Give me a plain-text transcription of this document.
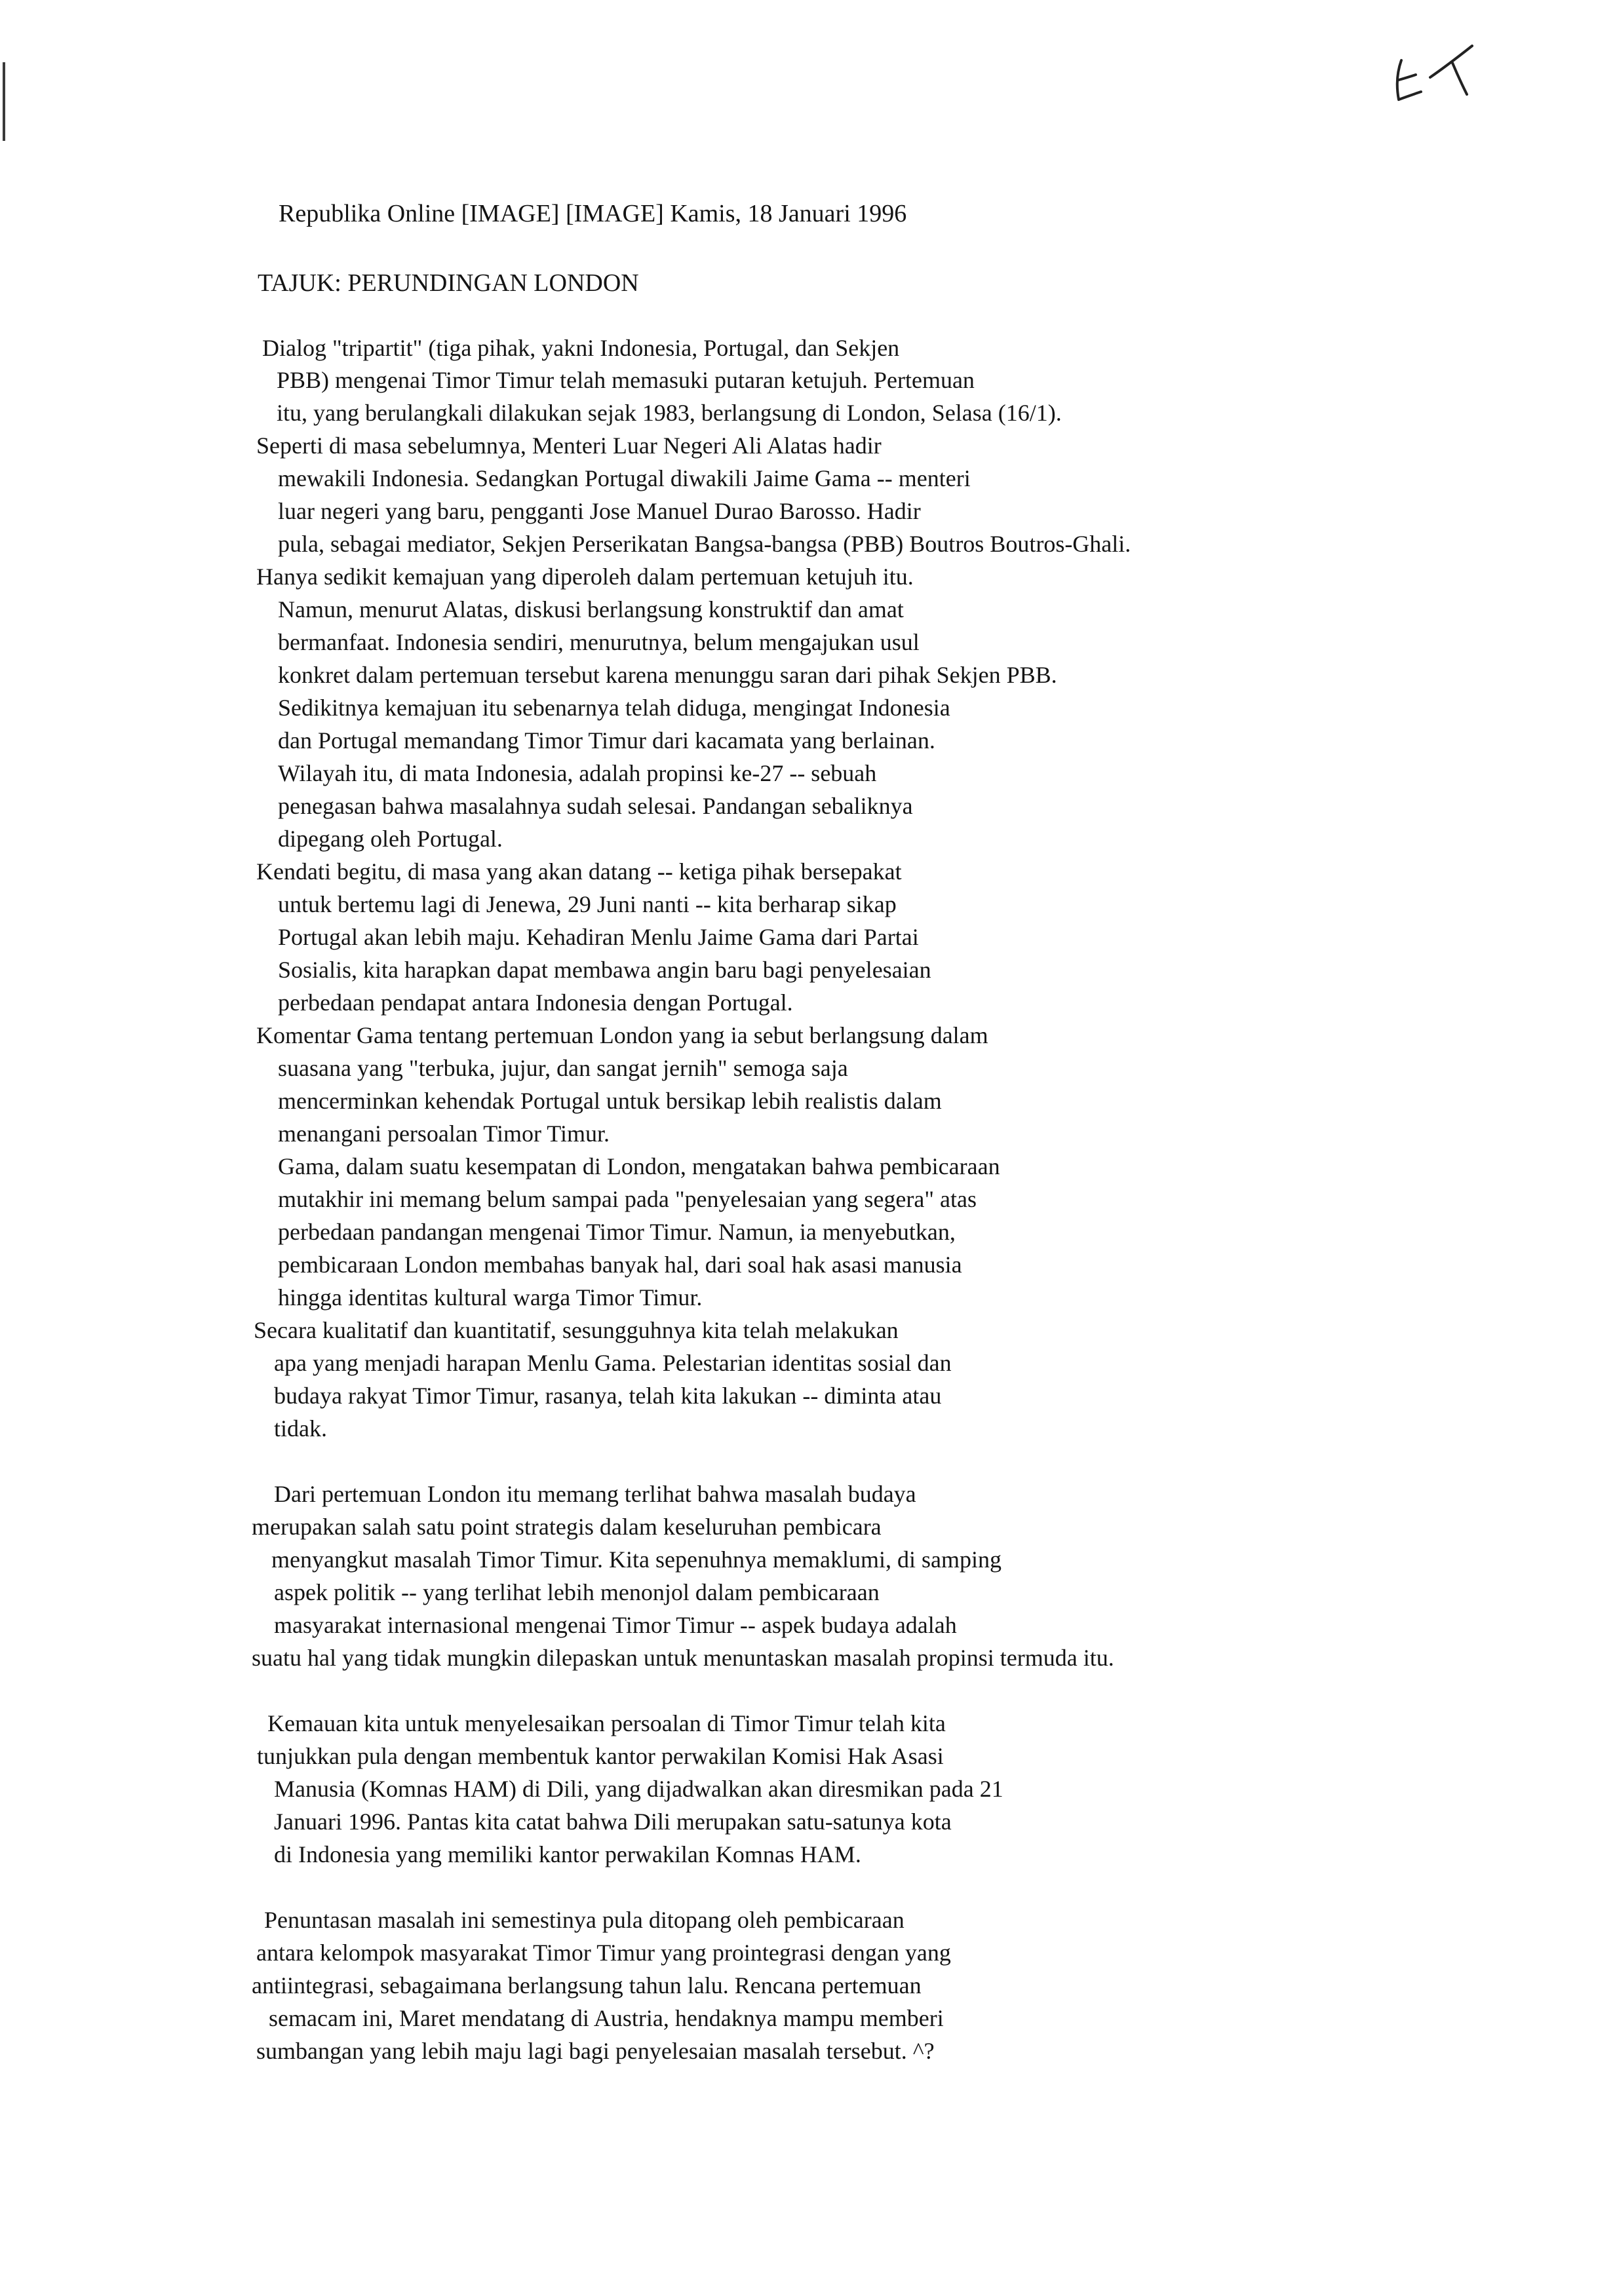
Republika Online [IMAGE] [IMAGE] Kamis, 18 Januari 1996
TAJUK: PERUNDINGAN LONDON
Dialog "tripartit" (tiga pihak, yakni Indonesia, Portugal, dan Sekjen
PBB) mengenai Timor Timur telah memasuki putaran ketujuh. Pertemuan
itu, yang berulangkali dilakukan sejak 1983, berlangsung di London, Selasa (16/1).
Seperti di masa sebelumnya, Menteri Luar Negeri Ali Alatas hadir
mewakili Indonesia. Sedangkan Portugal diwakili Jaime Gama -- menteri
luar negeri yang baru, pengganti Jose Manuel Durao Barosso. Hadir
pula, sebagai mediator, Sekjen Perserikatan Bangsa-bangsa (PBB) Boutros Boutros-Ghali.
Hanya sedikit kemajuan yang diperoleh dalam pertemuan ketujuh itu.
Namun, menurut Alatas, diskusi berlangsung konstruktif dan amat
bermanfaat. Indonesia sendiri, menurutnya, belum mengajukan usul
konkret dalam pertemuan tersebut karena menunggu saran dari pihak Sekjen PBB.
Sedikitnya kemajuan itu sebenarnya telah diduga, mengingat Indonesia
dan Portugal memandang Timor Timur dari kacamata yang berlainan.
Wilayah itu, di mata Indonesia, adalah propinsi ke-27 -- sebuah
penegasan bahwa masalahnya sudah selesai. Pandangan sebaliknya
dipegang oleh Portugal.
Kendati begitu, di masa yang akan datang -- ketiga pihak bersepakat
untuk bertemu lagi di Jenewa, 29 Juni nanti -- kita berharap sikap
Portugal akan lebih maju. Kehadiran Menlu Jaime Gama dari Partai
Sosialis, kita harapkan dapat membawa angin baru bagi penyelesaian
perbedaan pendapat antara Indonesia dengan Portugal.
Komentar Gama tentang pertemuan London yang ia sebut berlangsung dalam
suasana yang "terbuka, jujur, dan sangat jernih" semoga saja
mencerminkan kehendak Portugal untuk bersikap lebih realistis dalam
menangani persoalan Timor Timur.
Gama, dalam suatu kesempatan di London, mengatakan bahwa pembicaraan
mutakhir ini memang belum sampai pada "penyelesaian yang segera" atas
perbedaan pandangan mengenai Timor Timur. Namun, ia menyebutkan,
pembicaraan London membahas banyak hal, dari soal hak asasi manusia
hingga identitas kultural warga Timor Timur.
Secara kualitatif dan kuantitatif, sesungguhnya kita telah melakukan
apa yang menjadi harapan Menlu Gama. Pelestarian identitas sosial dan
budaya rakyat Timor Timur, rasanya, telah kita lakukan -- diminta atau
tidak.
Dari pertemuan London itu memang terlihat bahwa masalah budaya
merupakan salah satu point strategis dalam keseluruhan pembicara
menyangkut masalah Timor Timur. Kita sepenuhnya memaklumi, di samping
aspek politik -- yang terlihat lebih menonjol dalam pembicaraan
masyarakat internasional mengenai Timor Timur -- aspek budaya adalah
suatu hal yang tidak mungkin dilepaskan untuk menuntaskan masalah propinsi termuda itu.
Kemauan kita untuk menyelesaikan persoalan di Timor Timur telah kita
tunjukkan pula dengan membentuk kantor perwakilan Komisi Hak Asasi
Manusia (Komnas HAM) di Dili, yang dijadwalkan akan diresmikan pada 21
Januari 1996. Pantas kita catat bahwa Dili merupakan satu-satunya kota
di Indonesia yang memiliki kantor perwakilan Komnas HAM.
Penuntasan masalah ini semestinya pula ditopang oleh pembicaraan
antara kelompok masyarakat Timor Timur yang prointegrasi dengan yang
antiintegrasi, sebagaimana berlangsung tahun lalu. Rencana pertemuan
semacam ini, Maret mendatang di Austria, hendaknya mampu memberi
sumbangan yang lebih maju lagi bagi penyelesaian masalah tersebut. ^?
